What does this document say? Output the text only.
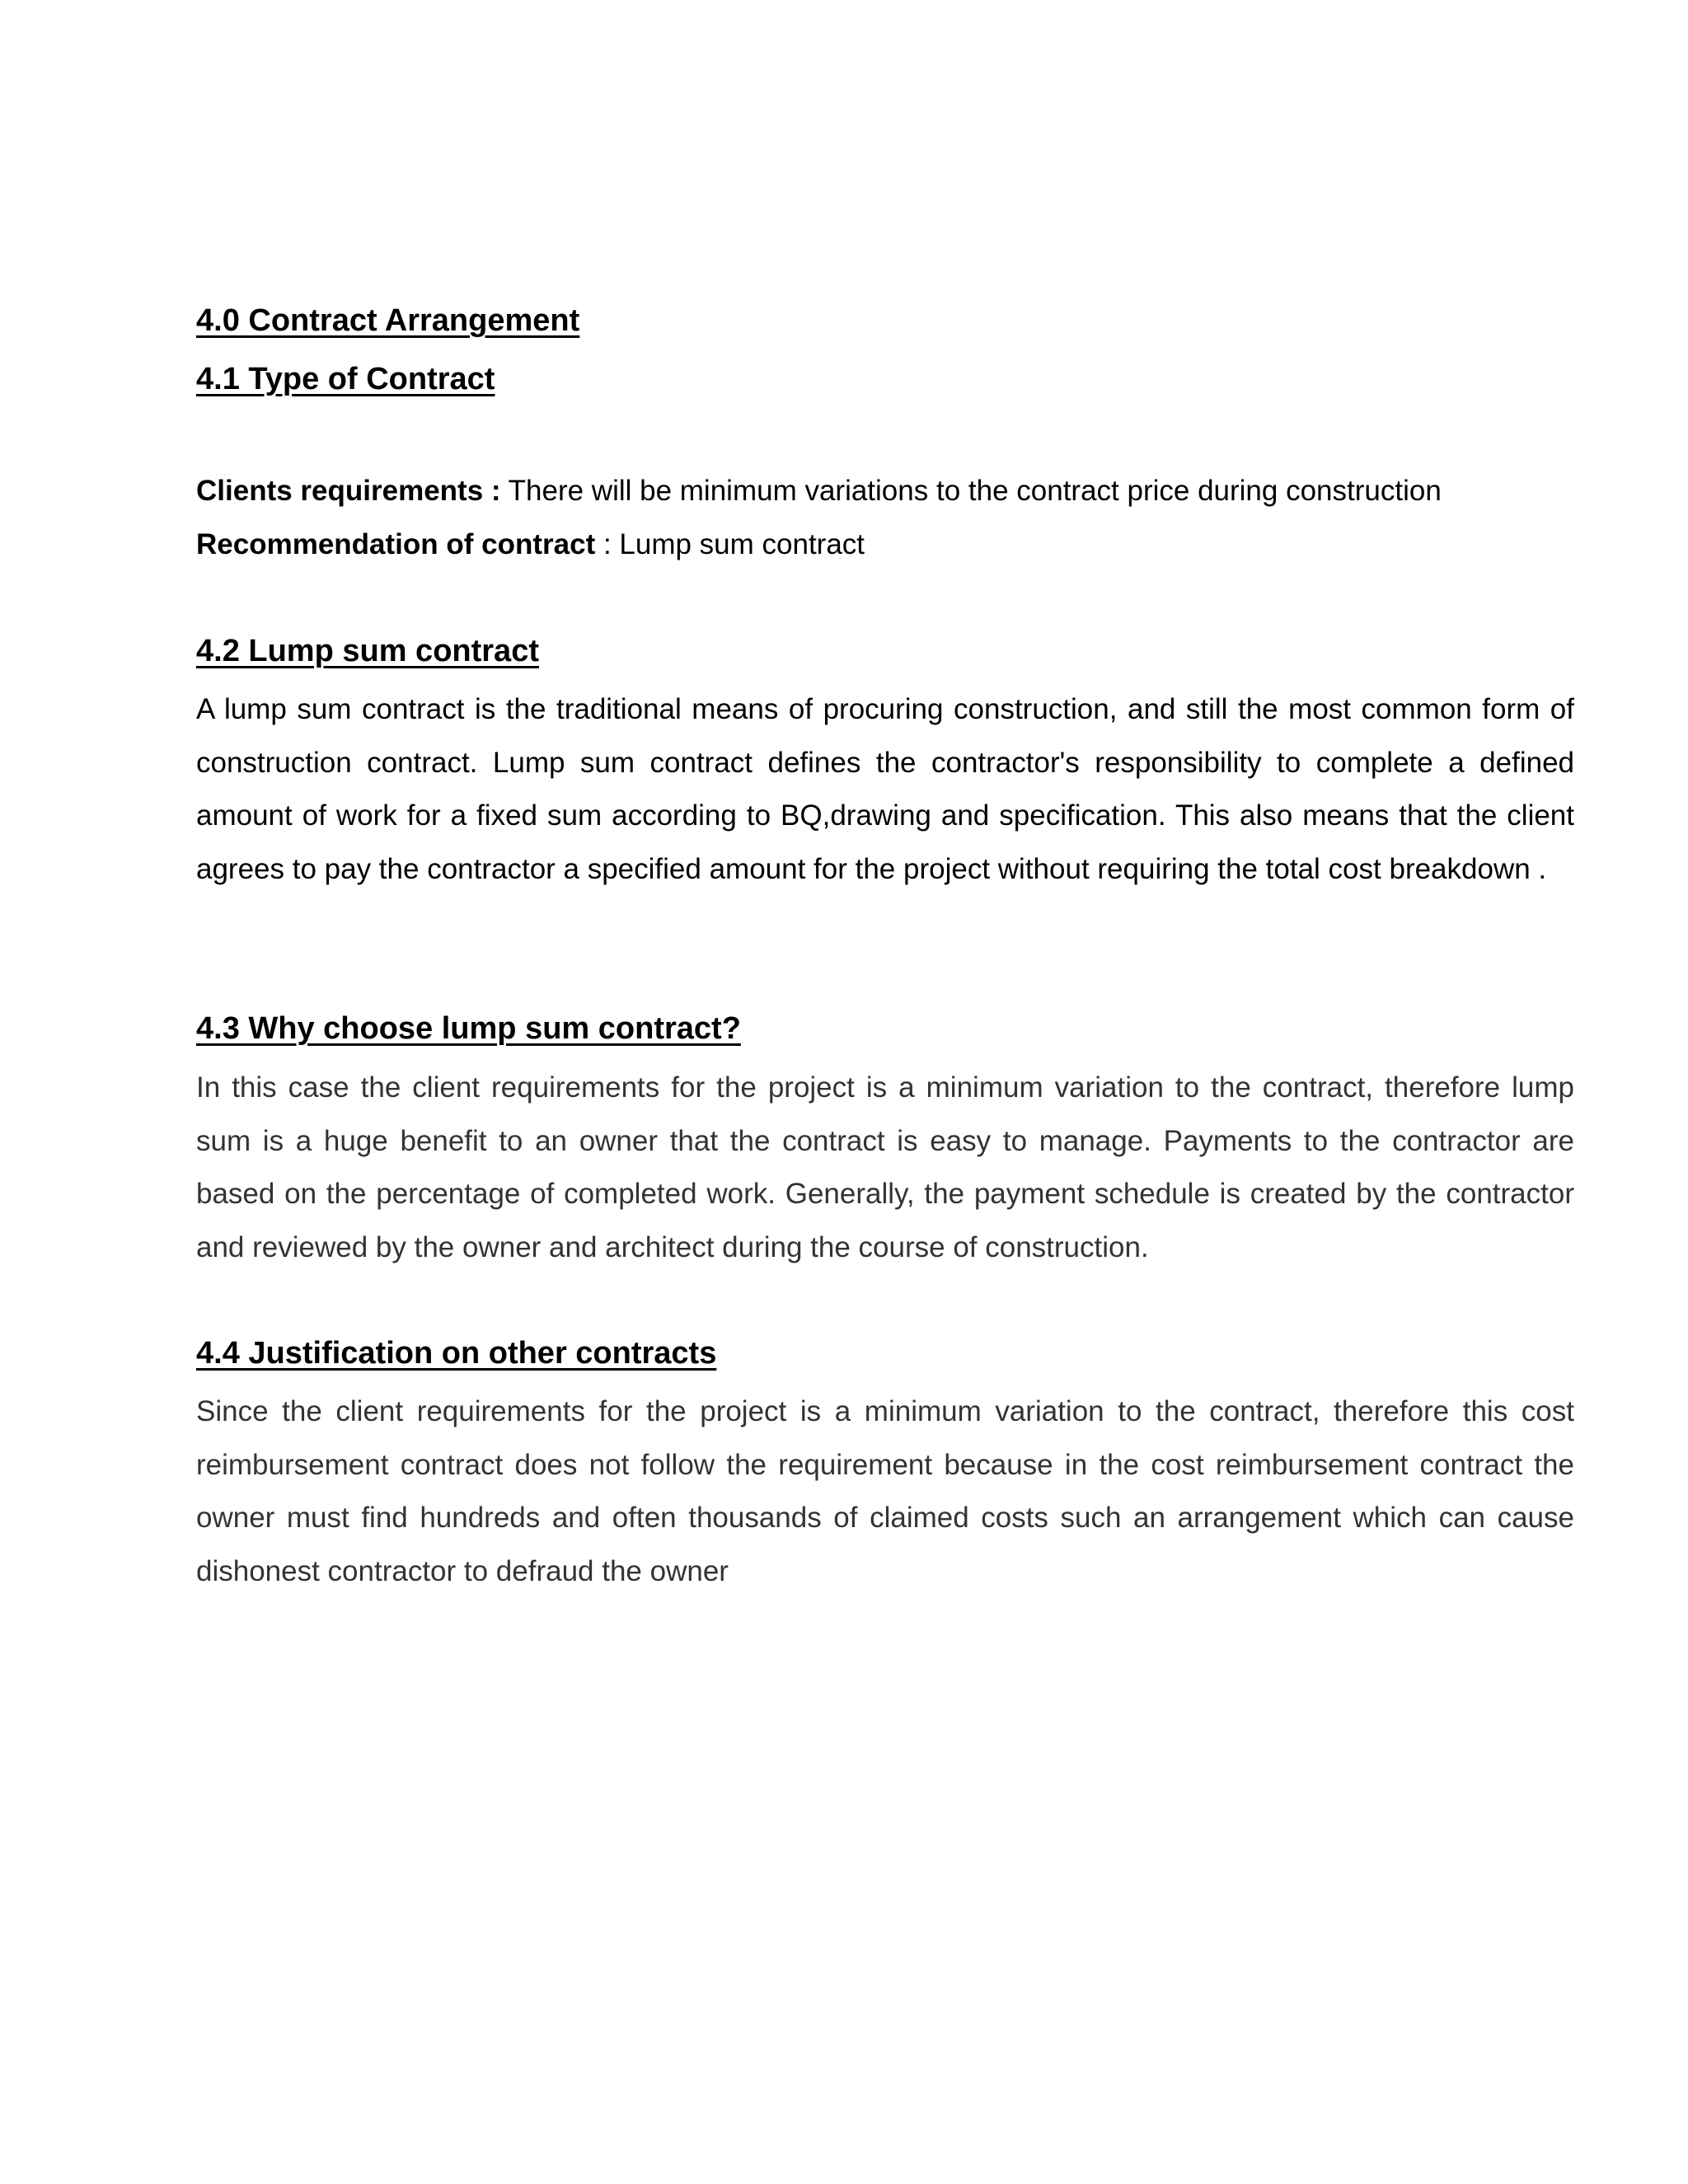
4.0 Contract Arrangement
4.1 Type of Contract

Clients requirements : There will be minimum variations to the contract price during construction

Recommendation of contract : Lump sum contract

4.2 Lump sum contract

A lump sum contract is the traditional means of procuring construction, and still the most common form of construction contract. Lump sum contract defines the contractor's responsibility to complete a defined amount of work for a fixed sum according to BQ,drawing and specification. This also means that the client agrees to pay the contractor a specified amount for the project without requiring the total cost breakdown .

4.3 Why choose lump sum contract?

In this case the client requirements for the project is a minimum variation to the contract, therefore lump sum is a huge benefit to an owner that the contract is easy to manage. Payments to the contractor are based on the percentage of completed work. Generally, the payment schedule is created by the contractor and reviewed by the owner and architect during the course of construction.

4.4 Justification on other contracts

Since the client requirements for the project is a minimum variation to the contract, therefore this cost reimbursement contract does not follow the requirement because in the cost reimbursement contract the owner must find hundreds and often thousands of claimed costs such an arrangement which can cause dishonest contractor to defraud the owner
